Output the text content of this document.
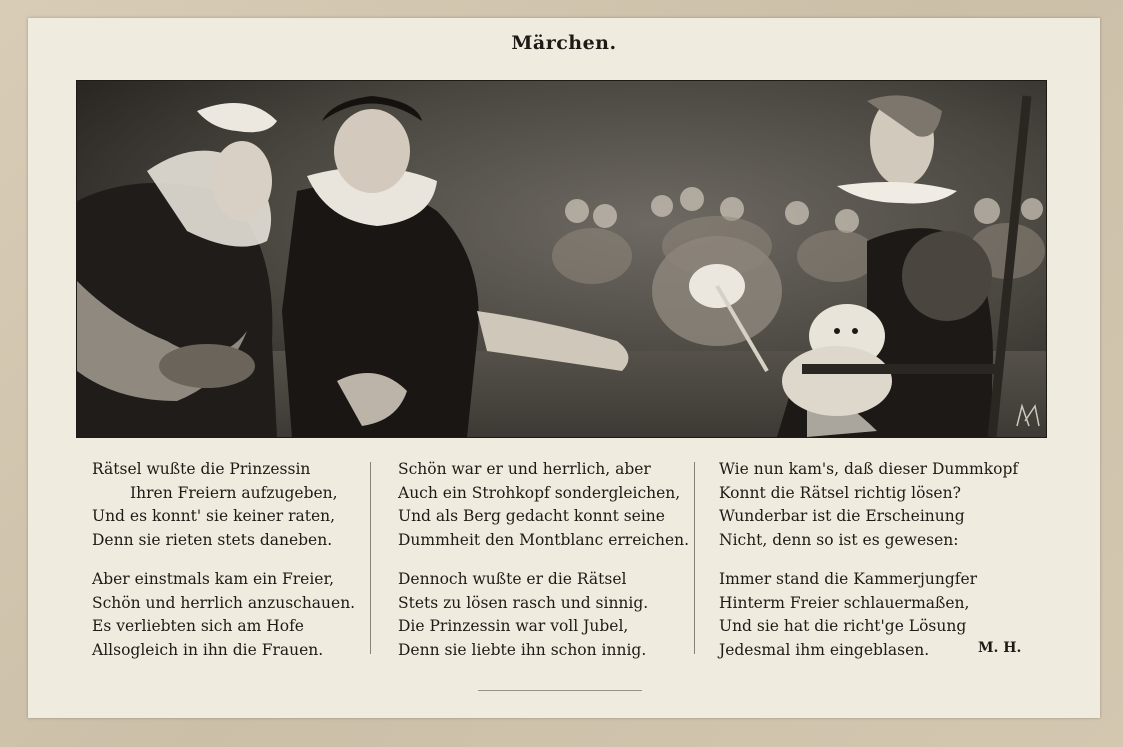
Märchen.
Rätsel wußte die Prinzessin
Ihren Freiern aufzugeben,
Und es konnt' sie keiner raten,
Denn sie rieten stets daneben.
Aber einstmals kam ein Freier,
Schön und herrlich anzuschauen.
Es verliebten sich am Hofe
Allsogleich in ihn die Frauen.
Schön war er und herrlich, aber
Auch ein Strohkopf sondergleichen,
Und als Berg gedacht konnt seine
Dummheit den Montblanc erreichen.
Dennoch wußte er die Rätsel
Stets zu lösen rasch und sinnig.
Die Prinzessin war voll Jubel,
Denn sie liebte ihn schon innig.
Wie nun kam's, daß dieser Dummkopf
Konnt die Rätsel richtig lösen?
Wunderbar ist die Erscheinung
Nicht, denn so ist es gewesen:
Immer stand die Kammerjungfer
Hinterm Freier schlauermaßen,
Und sie hat die richt'ge Lösung
Jedesmal ihm eingeblasen.	M. H.
